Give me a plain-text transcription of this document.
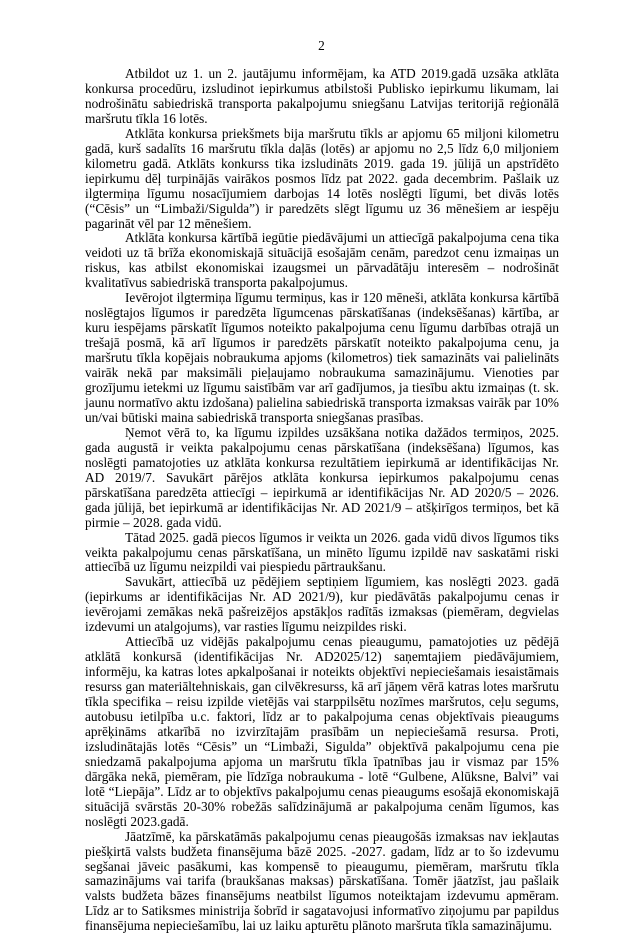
2

Atbildot uz 1. un 2. jautājumu informējam, ka ATD 2019.gadā uzsāka atklāta konkursa procedūru, izsludinot iepirkumus atbilstoši Publisko iepirkumu likumam, lai nodrošinātu sabiedriskā transporta pakalpojumu sniegšanu Latvijas teritorijā reģionālā maršrutu tīkla 16 lotēs.

Atklāta konkursa priekšmets bija maršrutu tīkls ar apjomu 65 miljoni kilometru gadā, kurš sadalīts 16 maršrutu tīkla daļās (lotēs) ar apjomu no 2,5 līdz 6,0 miljoniem kilometru gadā. Atklāts konkurss tika izsludināts 2019. gada 19. jūlijā un apstrīdēto iepirkumu dēļ turpinājās vairākos posmos līdz pat 2022. gada decembrim. Pašlaik uz ilgtermiņa līgumu nosacījumiem darbojas 14 lotēs noslēgti līgumi, bet divās lotēs (“Cēsis” un “Limbaži/Sigulda”) ir paredzēts slēgt līgumu uz 36 mēnešiem ar iespēju pagarināt vēl par 12 mēnešiem.

Atklāta konkursa kārtībā iegūtie piedāvājumi un attiecīgā pakalpojuma cena tika veidoti uz tā brīža ekonomiskajā situācijā esošajām cenām, paredzot cenu izmaiņas un riskus, kas atbilst ekonomiskai izaugsmei un pārvadātāju interesēm – nodrošināt kvalitatīvus sabiedriskā transporta pakalpojumus.

Ievērojot ilgtermiņa līgumu termiņus, kas ir 120 mēneši, atklāta konkursa kārtībā noslēgtajos līgumos ir paredzēta līgumcenas pārskatīšanas (indeksēšanas) kārtība, ar kuru iespējams pārskatīt līgumos noteikto pakalpojuma cenu līgumu darbības otrajā un trešajā posmā, kā arī līgumos ir paredzēts pārskatīt noteikto pakalpojuma cenu, ja maršrutu tīkla kopējais nobraukuma apjoms (kilometros) tiek samazināts vai palielināts vairāk nekā par maksimāli pieļaujamo nobraukuma samazinājumu. Vienoties par grozījumu ietekmi uz līgumu saistībām var arī gadījumos, ja tiesību aktu izmaiņas (t. sk. jaunu normatīvo aktu izdošana) palielina sabiedriskā transporta izmaksas vairāk par 10% un/vai būtiski maina sabiedriskā transporta sniegšanas prasības.

Ņemot vērā to, ka līgumu izpildes uzsākšana notika dažādos termiņos, 2025. gada augustā ir veikta pakalpojumu cenas pārskatīšana (indeksēšana) līgumos, kas noslēgti pamatojoties uz atklāta konkursa rezultātiem iepirkumā ar identifikācijas Nr. AD 2019/7. Savukārt pārējos atklāta konkursa iepirkumos pakalpojumu cenas pārskatīšana paredzēta attiecīgi – iepirkumā ar identifikācijas Nr. AD 2020/5 – 2026. gada jūlijā, bet iepirkumā ar identifikācijas Nr. AD 2021/9 – atšķirīgos termiņos, bet kā pirmie – 2028. gada vidū.

Tātad 2025. gadā piecos līgumos ir veikta un 2026. gada vidū divos līgumos tiks veikta pakalpojumu cenas pārskatīšana, un minēto līgumu izpildē nav saskatāmi riski attiecībā uz līgumu neizpildi vai piespiedu pārtraukšanu.

Savukārt, attiecībā uz pēdējiem septiņiem līgumiem, kas noslēgti 2023. gadā (iepirkums ar identifikācijas Nr. AD 2021/9), kur piedāvātās pakalpojumu cenas ir ievērojami zemākas nekā pašreizējos apstākļos radītās izmaksas (piemēram, degvielas izdevumi un atalgojums), var rasties līgumu neizpildes riski.

Attiecībā uz vidējās pakalpojumu cenas pieaugumu, pamatojoties uz pēdējā atklātā konkursā (identifikācijas Nr. AD2025/12) saņemtajiem piedāvājumiem, informēju, ka katras lotes apkalpošanai ir noteikts objektīvi nepieciešamais iesaistāmais resurss gan materiāltehniskais, gan cilvēkresurss, kā arī jāņem vērā katras lotes maršrutu tīkla specifika – reisu izpilde vietējās vai starppilsētu nozīmes maršrutos, ceļu segums, autobusu ietilpība u.c. faktori, līdz ar to pakalpojuma cenas objektīvais pieaugums aprēķināms atkarībā no izvirzītajām prasībām un nepieciešamā resursa. Proti, izsludinātajās lotēs “Cēsis” un “Limbaži, Sigulda” objektīvā pakalpojumu cena pie sniedzamā pakalpojuma apjoma un maršrutu tīkla īpatnības jau ir vismaz par 15% dārgāka nekā, piemēram, pie līdzīga nobraukuma - lotē “Gulbene, Alūksne, Balvi” vai lotē “Liepāja”. Līdz ar to objektīvs pakalpojumu cenas pieaugums esošajā ekonomiskajā situācijā svārstās 20-30% robežās salīdzinājumā ar pakalpojuma cenām līgumos, kas noslēgti 2023.gadā.

Jāatzīmē, ka pārskatāmās pakalpojumu cenas pieaugošās izmaksas nav iekļautas piešķirtā valsts budžeta finansējuma bāzē 2025. -2027. gadam, līdz ar to šo izdevumu segšanai jāveic pasākumi, kas kompensē to pieaugumu, piemēram, maršrutu tīkla samazinājums vai tarifa (braukšanas maksas) pārskatīšana. Tomēr jāatzīst, jau pašlaik valsts budžeta bāzes finansējums neatbilst līgumos noteiktajam izdevumu apmēram. Līdz ar to Satiksmes ministrija šobrīd ir sagatavojusi informatīvo ziņojumu par papildus finansējuma nepieciešamību, lai uz laiku apturētu plānoto maršruta tīkla samazinājumu.
